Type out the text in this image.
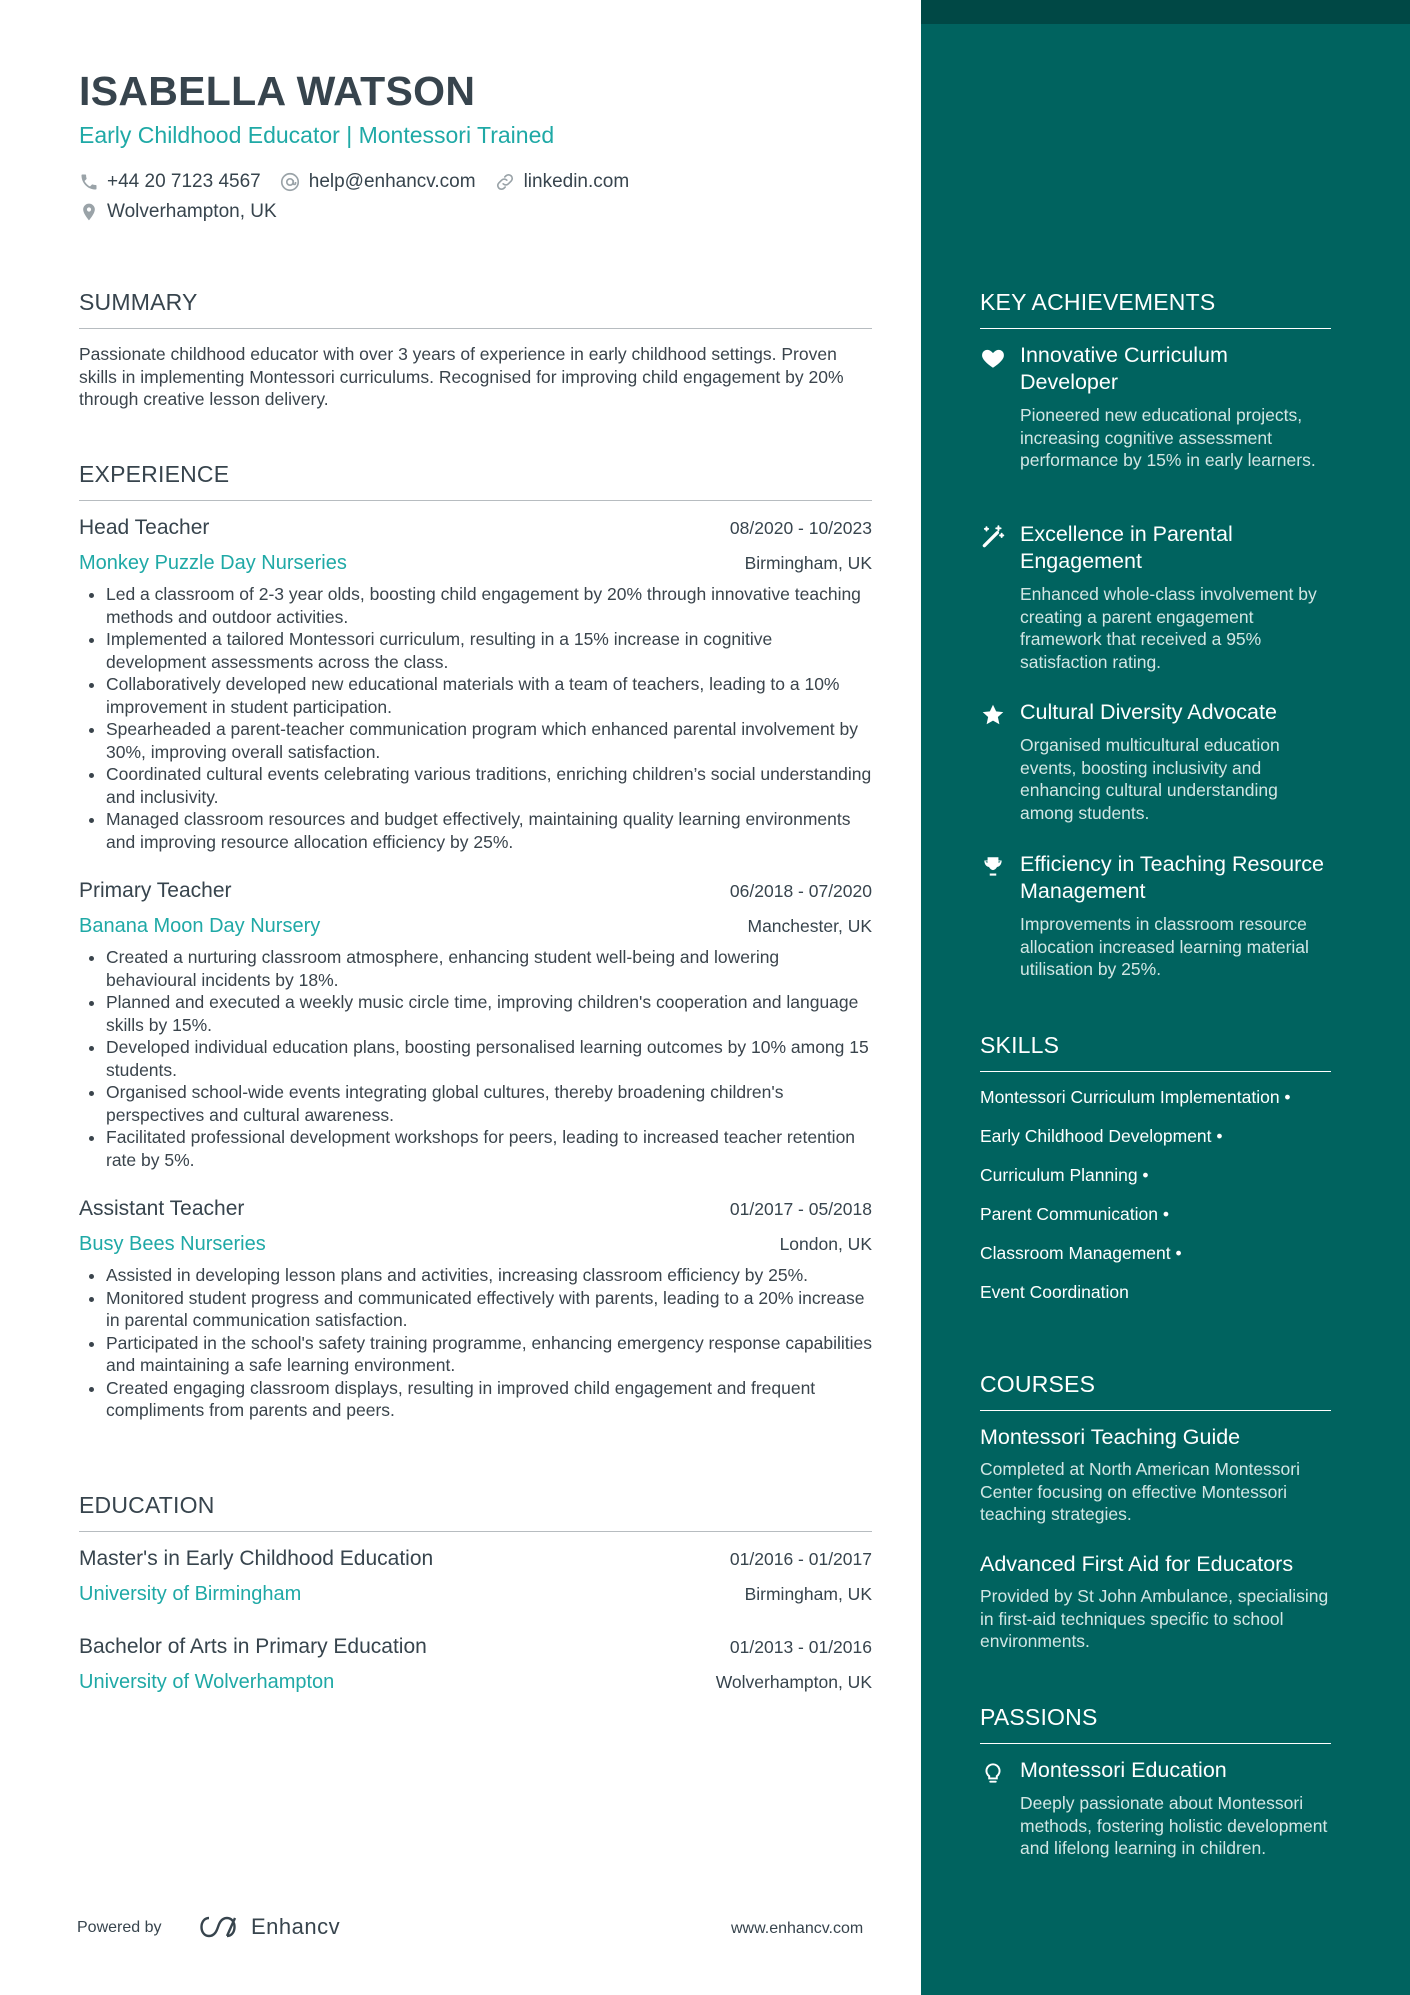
ISABELLA WATSON
Early Childhood Educator | Montessori Trained
+44 20 7123 4567	help@enhancv.com	linkedin.com
Wolverhampton, UK
SUMMARY
Passionate childhood educator with over 3 years of experience in early childhood settings. Proven skills in implementing Montessori curriculums. Recognised for improving child engagement by 20% through creative lesson delivery.
EXPERIENCE
Head Teacher	08/2020 - 10/2023
Monkey Puzzle Day Nurseries	Birmingham, UK
• Led a classroom of 2-3 year olds, boosting child engagement by 20% through innovative teaching methods and outdoor activities.
• Implemented a tailored Montessori curriculum, resulting in a 15% increase in cognitive development assessments across the class.
• Collaboratively developed new educational materials with a team of teachers, leading to a 10% improvement in student participation.
• Spearheaded a parent-teacher communication program which enhanced parental involvement by 30%, improving overall satisfaction.
• Coordinated cultural events celebrating various traditions, enriching children’s social understanding and inclusivity.
• Managed classroom resources and budget effectively, maintaining quality learning environments and improving resource allocation efficiency by 25%.
Primary Teacher	06/2018 - 07/2020
Banana Moon Day Nursery	Manchester, UK
• Created a nurturing classroom atmosphere, enhancing student well-being and lowering behavioural incidents by 18%.
• Planned and executed a weekly music circle time, improving children's cooperation and language skills by 15%.
• Developed individual education plans, boosting personalised learning outcomes by 10% among 15 students.
• Organised school-wide events integrating global cultures, thereby broadening children's perspectives and cultural awareness.
• Facilitated professional development workshops for peers, leading to increased teacher retention rate by 5%.
Assistant Teacher	01/2017 - 05/2018
Busy Bees Nurseries	London, UK
• Assisted in developing lesson plans and activities, increasing classroom efficiency by 25%.
• Monitored student progress and communicated effectively with parents, leading to a 20% increase in parental communication satisfaction.
• Participated in the school's safety training programme, enhancing emergency response capabilities and maintaining a safe learning environment.
• Created engaging classroom displays, resulting in improved child engagement and frequent compliments from parents and peers.
EDUCATION
Master's in Early Childhood Education	01/2016 - 01/2017
University of Birmingham	Birmingham, UK
Bachelor of Arts in Primary Education	01/2013 - 01/2016
University of Wolverhampton	Wolverhampton, UK
KEY ACHIEVEMENTS
Innovative Curriculum Developer
Pioneered new educational projects, increasing cognitive assessment performance by 15% in early learners.
Excellence in Parental Engagement
Enhanced whole-class involvement by creating a parent engagement framework that received a 95% satisfaction rating.
Cultural Diversity Advocate
Organised multicultural education events, boosting inclusivity and enhancing cultural understanding among students.
Efficiency in Teaching Resource Management
Improvements in classroom resource allocation increased learning material utilisation by 25%.
SKILLS
Montessori Curriculum Implementation •
Early Childhood Development •
Curriculum Planning •
Parent Communication •
Classroom Management •
Event Coordination
COURSES
Montessori Teaching Guide
Completed at North American Montessori Center focusing on effective Montessori teaching strategies.
Advanced First Aid for Educators
Provided by St John Ambulance, specialising in first-aid techniques specific to school environments.
PASSIONS
Montessori Education
Deeply passionate about Montessori methods, fostering holistic development and lifelong learning in children.
Powered by	Enhancv	www.enhancv.com
